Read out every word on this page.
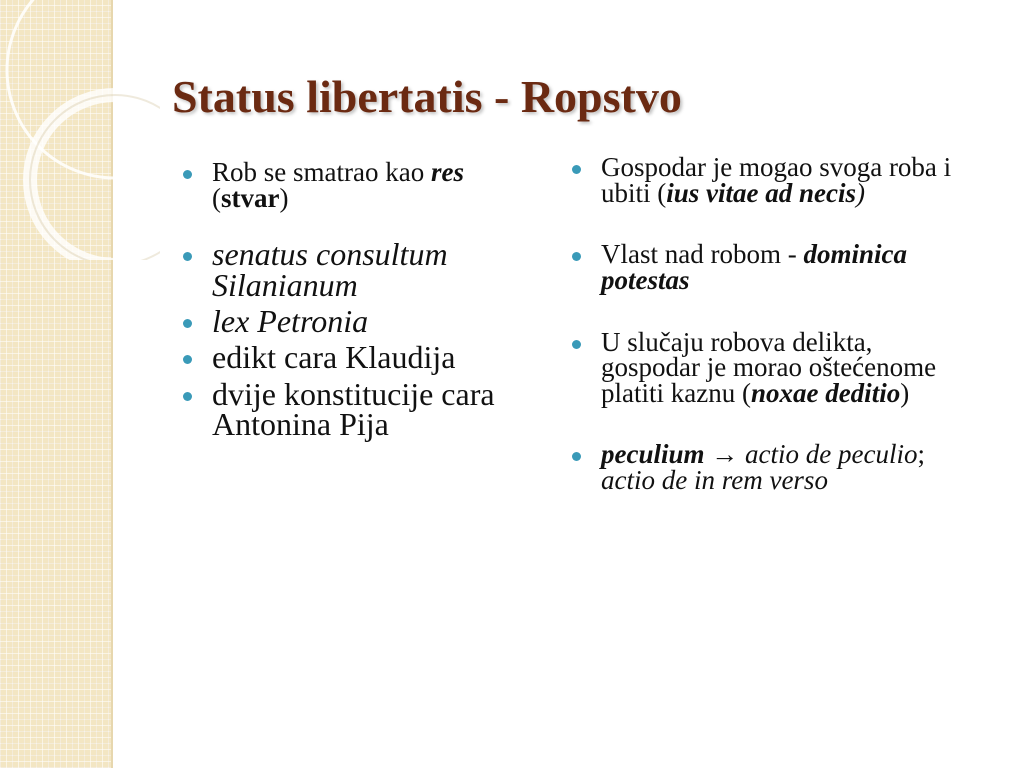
Status libertatis - Ropstvo
Rob se smatrao kao res
(stvar)
senatus consultum Silanianum
lex Petronia
edikt cara Klaudija
dvije konstitucije cara Antonina Pija
Gospodar je mogao svoga roba i ubiti (ius vitae ad necis)
Vlast nad robom - dominica potestas
U slučaju robova delikta, gospodar je morao oštećenome platiti kaznu (noxae deditio)
peculium → actio de peculio; actio de in rem verso
